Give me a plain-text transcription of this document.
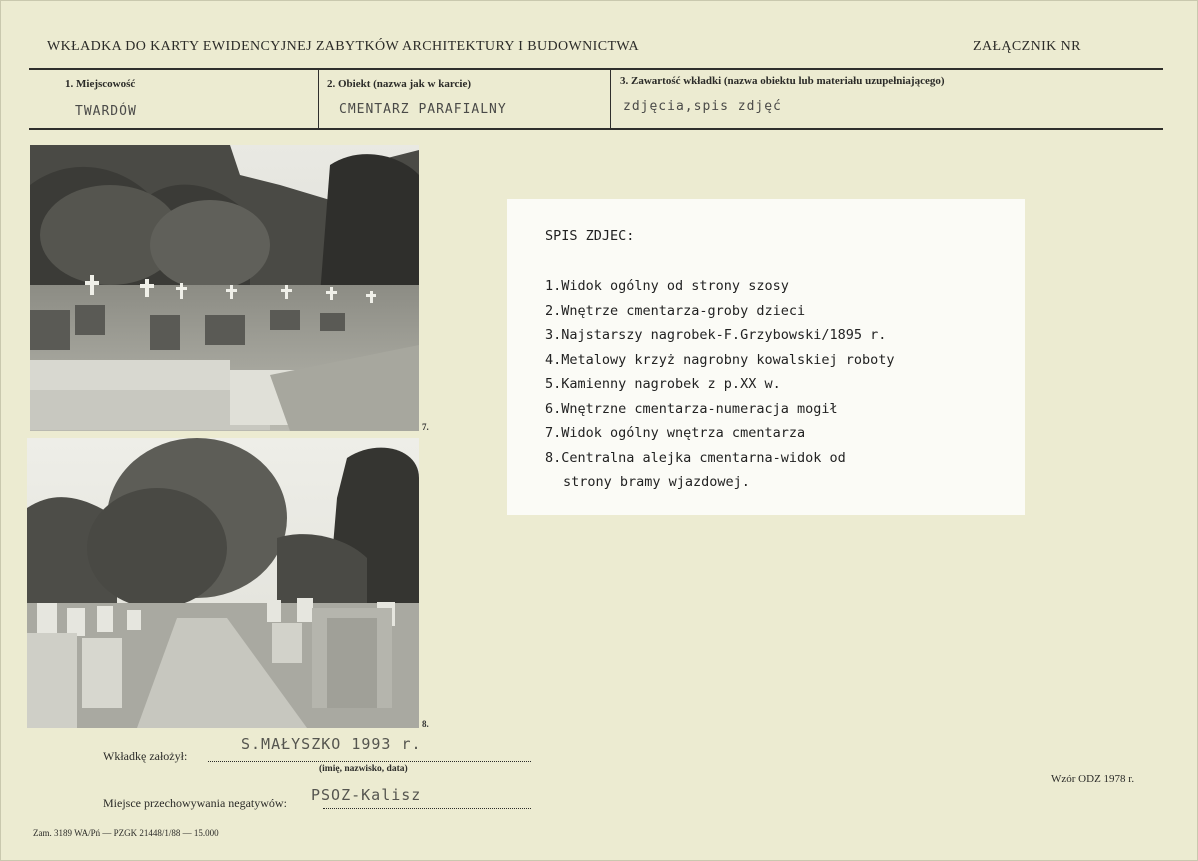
WKŁADKA DO KARTY EWIDENCYJNEJ ZABYTKÓW ARCHITEKTURY I BUDOWNICTWA	ZAŁĄCZNIK NR
1. Miejscowość
TWARDÓW
2. Obiekt (nazwa jak w karcie)
CMENTARZ PARAFIALNY
3. Zawartość wkładki (nazwa obiektu lub materiału uzupełniającego)
zdjęcia,spis zdjęć
7.
8.
SPIS ZDJEC:
1.Widok ogólny od strony szosy
2.Wnętrze cmentarza-groby dzieci
3.Najstarszy nagrobek-F.Grzybowski/1895 r.
4.Metalowy krzyż nagrobny kowalskiej roboty
5.Kamienny nagrobek z p.XX w.
6.Wnętrzne cmentarza-numeracja mogił
7.Widok ogólny wnętrza cmentarza
8.Centralna alejka cmentarna-widok od
strony bramy wjazdowej.
S.MAŁYSZKO 1993 r.
Wkładkę założył:
(imię, nazwisko, data)
PSOZ-Kalisz
Miejsce przechowywania negatywów:
Zam. 3189 WA/Pń — PZGK 21448/1/88 — 15.000
Wzór ODZ 1978 r.
